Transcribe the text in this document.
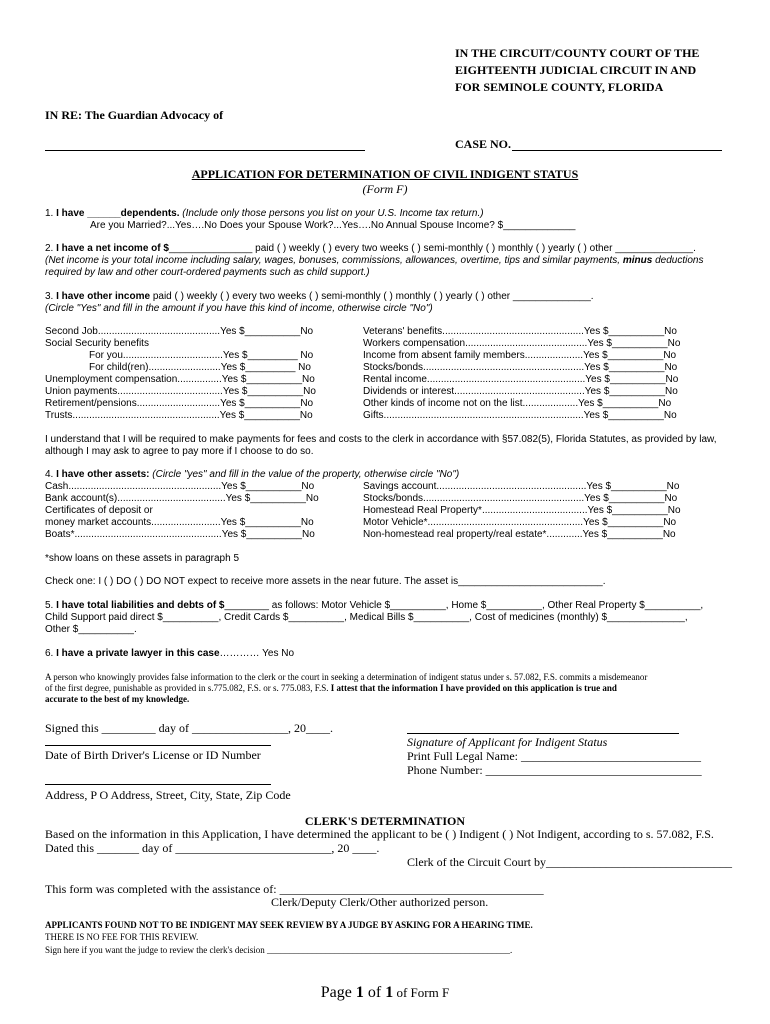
IN THE CIRCUIT/COUNTY COURT OF THE
EIGHTEENTH JUDICIAL CIRCUIT IN AND
FOR SEMINOLE COUNTY, FLORIDA
IN RE: The Guardian Advocacy of
CASE NO.
APPLICATION FOR DETERMINATION OF CIVIL INDIGENT STATUS
(Form F)
1. I have ______dependents. (Include only those persons you list on your U.S. Income tax return.)
Are you Married?...Yes….No Does your Spouse Work?...Yes….No Annual Spouse Income? $_____________
2. I have a net income of $_______________ paid ( ) weekly ( ) every two weeks ( ) semi-monthly ( ) monthly ( ) yearly ( ) other ______________.
(Net income is your total income including salary, wages, bonuses, commissions, allowances, overtime, tips and similar payments, minus deductions
required by law and other court-ordered payments such as child support.)
3. I have other income paid ( ) weekly ( ) every two weeks ( ) semi-monthly ( ) monthly ( ) yearly ( ) other ______________.
(Circle "Yes" and fill in the amount if you have this kind of income, otherwise circle "No")
Second Job............................................Yes $__________No
Social Security benefits
For you....................................Yes $_________ No
For child(ren)..........................Yes $_________ No
Unemployment compensation................Yes $__________No
Union payments......................................Yes $__________No
Retirement/pensions..............................Yes $__________No
Trusts.....................................................Yes $__________No
Veterans' benefits...................................................Yes $__________No
Workers compensation............................................Yes $__________No
Income from absent family members.....................Yes $__________No
Stocks/bonds..........................................................Yes $__________No
Rental income.........................................................Yes $__________No
Dividends or interest...............................................Yes $__________No
Other kinds of income not on the list....................Yes $__________No
Gifts........................................................................Yes $__________No
I understand that I will be required to make payments for fees and costs to the clerk in accordance with §57.082(5), Florida Statutes, as provided by law,
although I may ask to agree to pay more if I choose to do so.
4. I have other assets: (Circle "yes" and fill in the value of the property, otherwise circle "No")
Cash.......................................................Yes $__________No
Bank account(s).......................................Yes $__________No
Certificates of deposit or
money market accounts.........................Yes $__________No
Boats*.....................................................Yes $__________No
Savings account......................................................Yes $__________No
Stocks/bonds..........................................................Yes $__________No
Homestead Real Property*......................................Yes $__________No
Motor Vehicle*........................................................Yes $__________No
Non-homestead real property/real estate*.............Yes $__________No
*show loans on these assets in paragraph 5
Check one: I ( ) DO ( ) DO NOT expect to receive more assets in the near future. The asset is__________________________.
5. I have total liabilities and debts of $________ as follows: Motor Vehicle $__________, Home $__________, Other Real Property $__________,
Child Support paid direct $__________, Credit Cards $__________, Medical Bills $__________, Cost of medicines (monthly) $______________,
Other $__________.
6. I have a private lawyer in this case………… Yes No
A person who knowingly provides false information to the clerk or the court in seeking a determination of indigent status under s. 57.082, F.S. commits a misdemeanor
of the first degree, punishable as provided in s.775.082, F.S. or s. 775.083, F.S. I attest that the information I have provided on this application is true and
accurate to the best of my knowledge.
Signed this _________ day of ________________, 20____.
Date of Birth Driver's License or ID Number
Address, P O Address, Street, City, State, Zip Code
Signature of Applicant for Indigent Status
Print Full Legal Name: ______________________________
Phone Number: ____________________________________
CLERK'S DETERMINATION
Based on the information in this Application, I have determined the applicant to be ( ) Indigent ( ) Not Indigent, according to s. 57.082, F.S.
Dated this _______ day of __________________________, 20 ____.
Clerk of the Circuit Court by_______________________________
This form was completed with the assistance of: ____________________________________________
Clerk/Deputy Clerk/Other authorized person.
APPLICANTS FOUND NOT TO BE INDIGENT MAY SEEK REVIEW BY A JUDGE BY ASKING FOR A HEARING TIME.
THERE IS NO FEE FOR THIS REVIEW.
Sign here if you want the judge to review the clerk's decision ______________________________________________________.
Page 1 of 1 of Form F
